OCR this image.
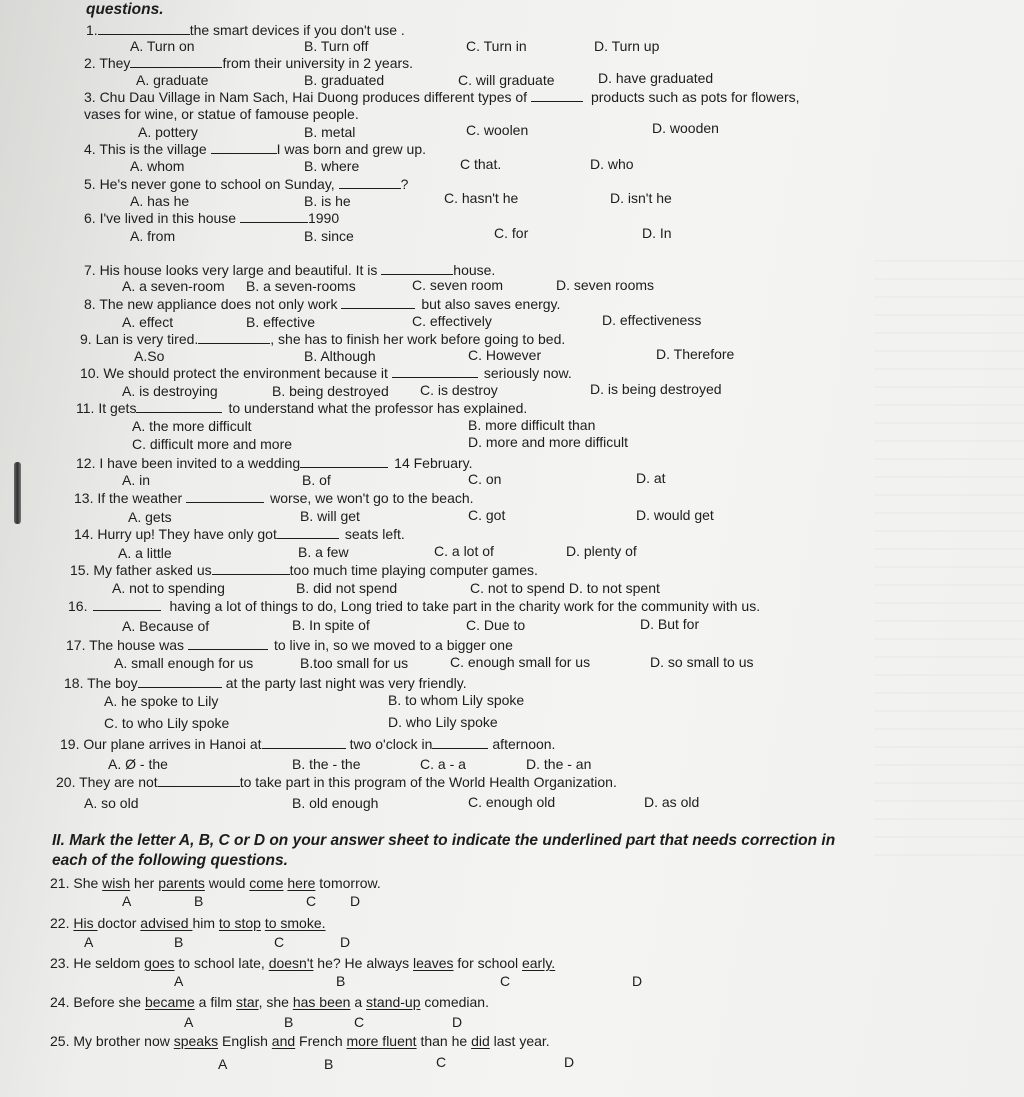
questions.
1.	the smart devices if you don't use .
A. Turn on	B. Turn off	C. Turn in	D. Turn up
2. They	from their university in 2 years.
A. graduate	B. graduated	C. will graduate	D. have graduated
3. Chu Dau Village in Nam Sach, Hai Duong produces different types of	products such as pots for flowers,
vases for wine, or statue of famouse people.
A. pottery	B. metal	C. woolen	D. wooden
4. This is the village	I was born and grew up.
A. whom	B. where	C that.	D. who
5. He's never gone to school on Sunday,	?
A. has he	B. is he	C. hasn't he	D. isn't he
6. I've lived in this house	1990
A. from	B. since	C. for	D. In
7. His house looks very large and beautiful. It is	house.
A. a seven-room B. a seven-rooms	C. seven room	D. seven rooms
8. The new appliance does not only work	but also saves energy.
A. effect	B. effective	C. effectively	D. effectiveness
9. Lan is very tired.	, she has to finish her work before going to bed.
A.So	B. Although	C. However	D. Therefore
10. We should protect the environment because it	seriously now.
A. is destroying	B. being destroyed C. is destroy	D. is being destroyed
11. It gets	to understand what the professor has explained.
A. the more difficult	B. more difficult than
C. difficult more and more	D. more and more difficult
12. I have been invited to a wedding	14 February.
A. in	B. of	C. on	D. at
13. If the weather	worse, we won't go to the beach.
A. gets	B. will get	C. got	D. would get
14. Hurry up! They have only got	seats left.
A. a little	B. a few	C. a lot of	D. plenty of
15. My father asked us	too much time playing computer games.
A. not to spending	B. did not spend	C. not to spend D. to not spent
16.	having a lot of things to do, Long tried to take part in the charity work for the community with us.
A. Because of	B. In spite of	C. Due to	D. But for
17. The house was	to live in, so we moved to a bigger one
A. small enough for us	B.too small for us	C. enough small for us	D. so small to us
18. The boy	at the party last night was very friendly.
A. he spoke to Lily	B. to whom Lily spoke
C. to who Lily spoke	D. who Lily spoke
19. Our plane arrives in Hanoi at	two o'clock in	afternoon.
A. Ø - the	B. the - the	C. a - a	D. the - an
20. They are not	to take part in this program of the World Health Organization.
A. so old	B. old enough	C. enough old	D. as old
II. Mark the letter A, B, C or D on your answer sheet to indicate the underlined part that needs correction in
each of the following questions.
21. She wish her parents would come here tomorrow.
A	B	C D
22. His doctor advised him to stop to smoke.
A	B	C	D
23. He seldom goes to school late, doesn't he? He always leaves for school early.
A	B	C	D
24. Before she became a film star, she has been a stand-up comedian.
A	B	C	D
25. My brother now speaks English and French more fluent than he did last year.
A	B	C	D
